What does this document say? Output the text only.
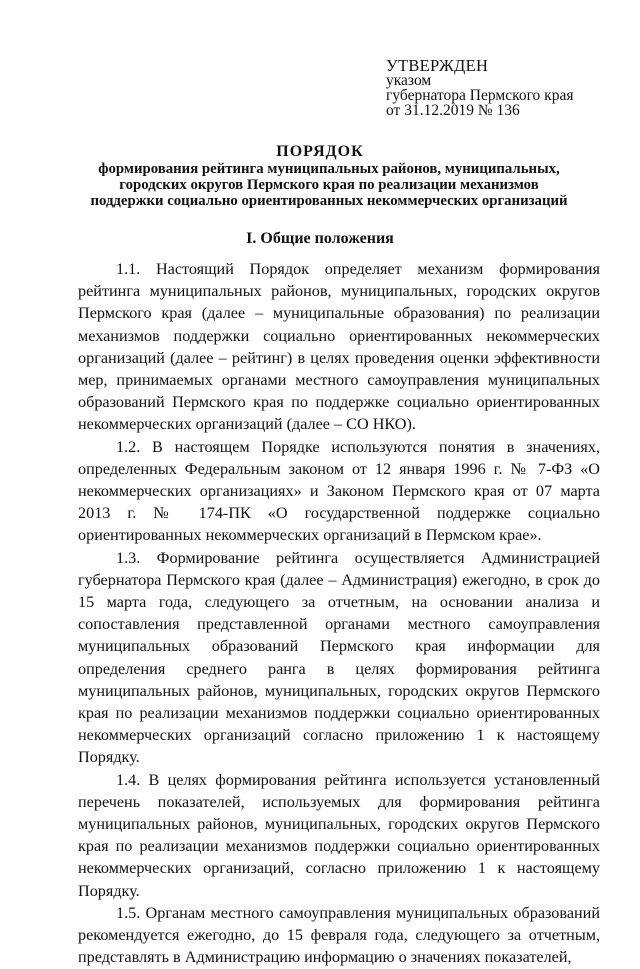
УТВЕРЖДЕН
указом
губернатора Пермского края
от 31.12.2019 № 136
ПОРЯДОК
формирования рейтинга муниципальных районов, муниципальных, городских округов Пермского края по реализации механизмов поддержки социально ориентированных некоммерческих организаций
I. Общие положения

1.1. Настоящий Порядок определяет механизм формирования рейтинга муниципальных районов, муниципальных, городских округов Пермского края (далее – муниципальные образования) по реализации механизмов поддержки социально ориентированных некоммерческих организаций (далее – рейтинг) в целях проведения оценки эффективности мер, принимаемых органами местного самоуправления муниципальных образований Пермского края по поддержке социально ориентированных некоммерческих организаций (далее – СО НКО).

1.2. В настоящем Порядке используются понятия в значениях, определенных Федеральным законом от 12 января 1996 г. № 7-ФЗ «О некоммерческих организациях» и Законом Пермского края от 07 марта 2013 г. № 174-ПК «О государственной поддержке социально ориентированных некоммерческих организаций в Пермском крае».

1.3. Формирование рейтинга осуществляется Администрацией губернатора Пермского края (далее – Администрация) ежегодно, в срок до 15 марта года, следующего за отчетным, на основании анализа и сопоставления представленной органами местного самоуправления муниципальных образований Пермского края информации для определения среднего ранга в целях формирования рейтинга муниципальных районов, муниципальных, городских округов Пермского края по реализации механизмов поддержки социально ориентированных некоммерческих организаций согласно приложению 1 к настоящему Порядку.

1.4. В целях формирования рейтинга используется установленный перечень показателей, используемых для формирования рейтинга муниципальных районов, муниципальных, городских округов Пермского края по реализации механизмов поддержки социально ориентированных некоммерческих организаций, согласно приложению 1 к настоящему Порядку.

1.5. Органам местного самоуправления муниципальных образований рекомендуется ежегодно, до 15 февраля года, следующего за отчетным, представлять в Администрацию информацию о значениях показателей,
